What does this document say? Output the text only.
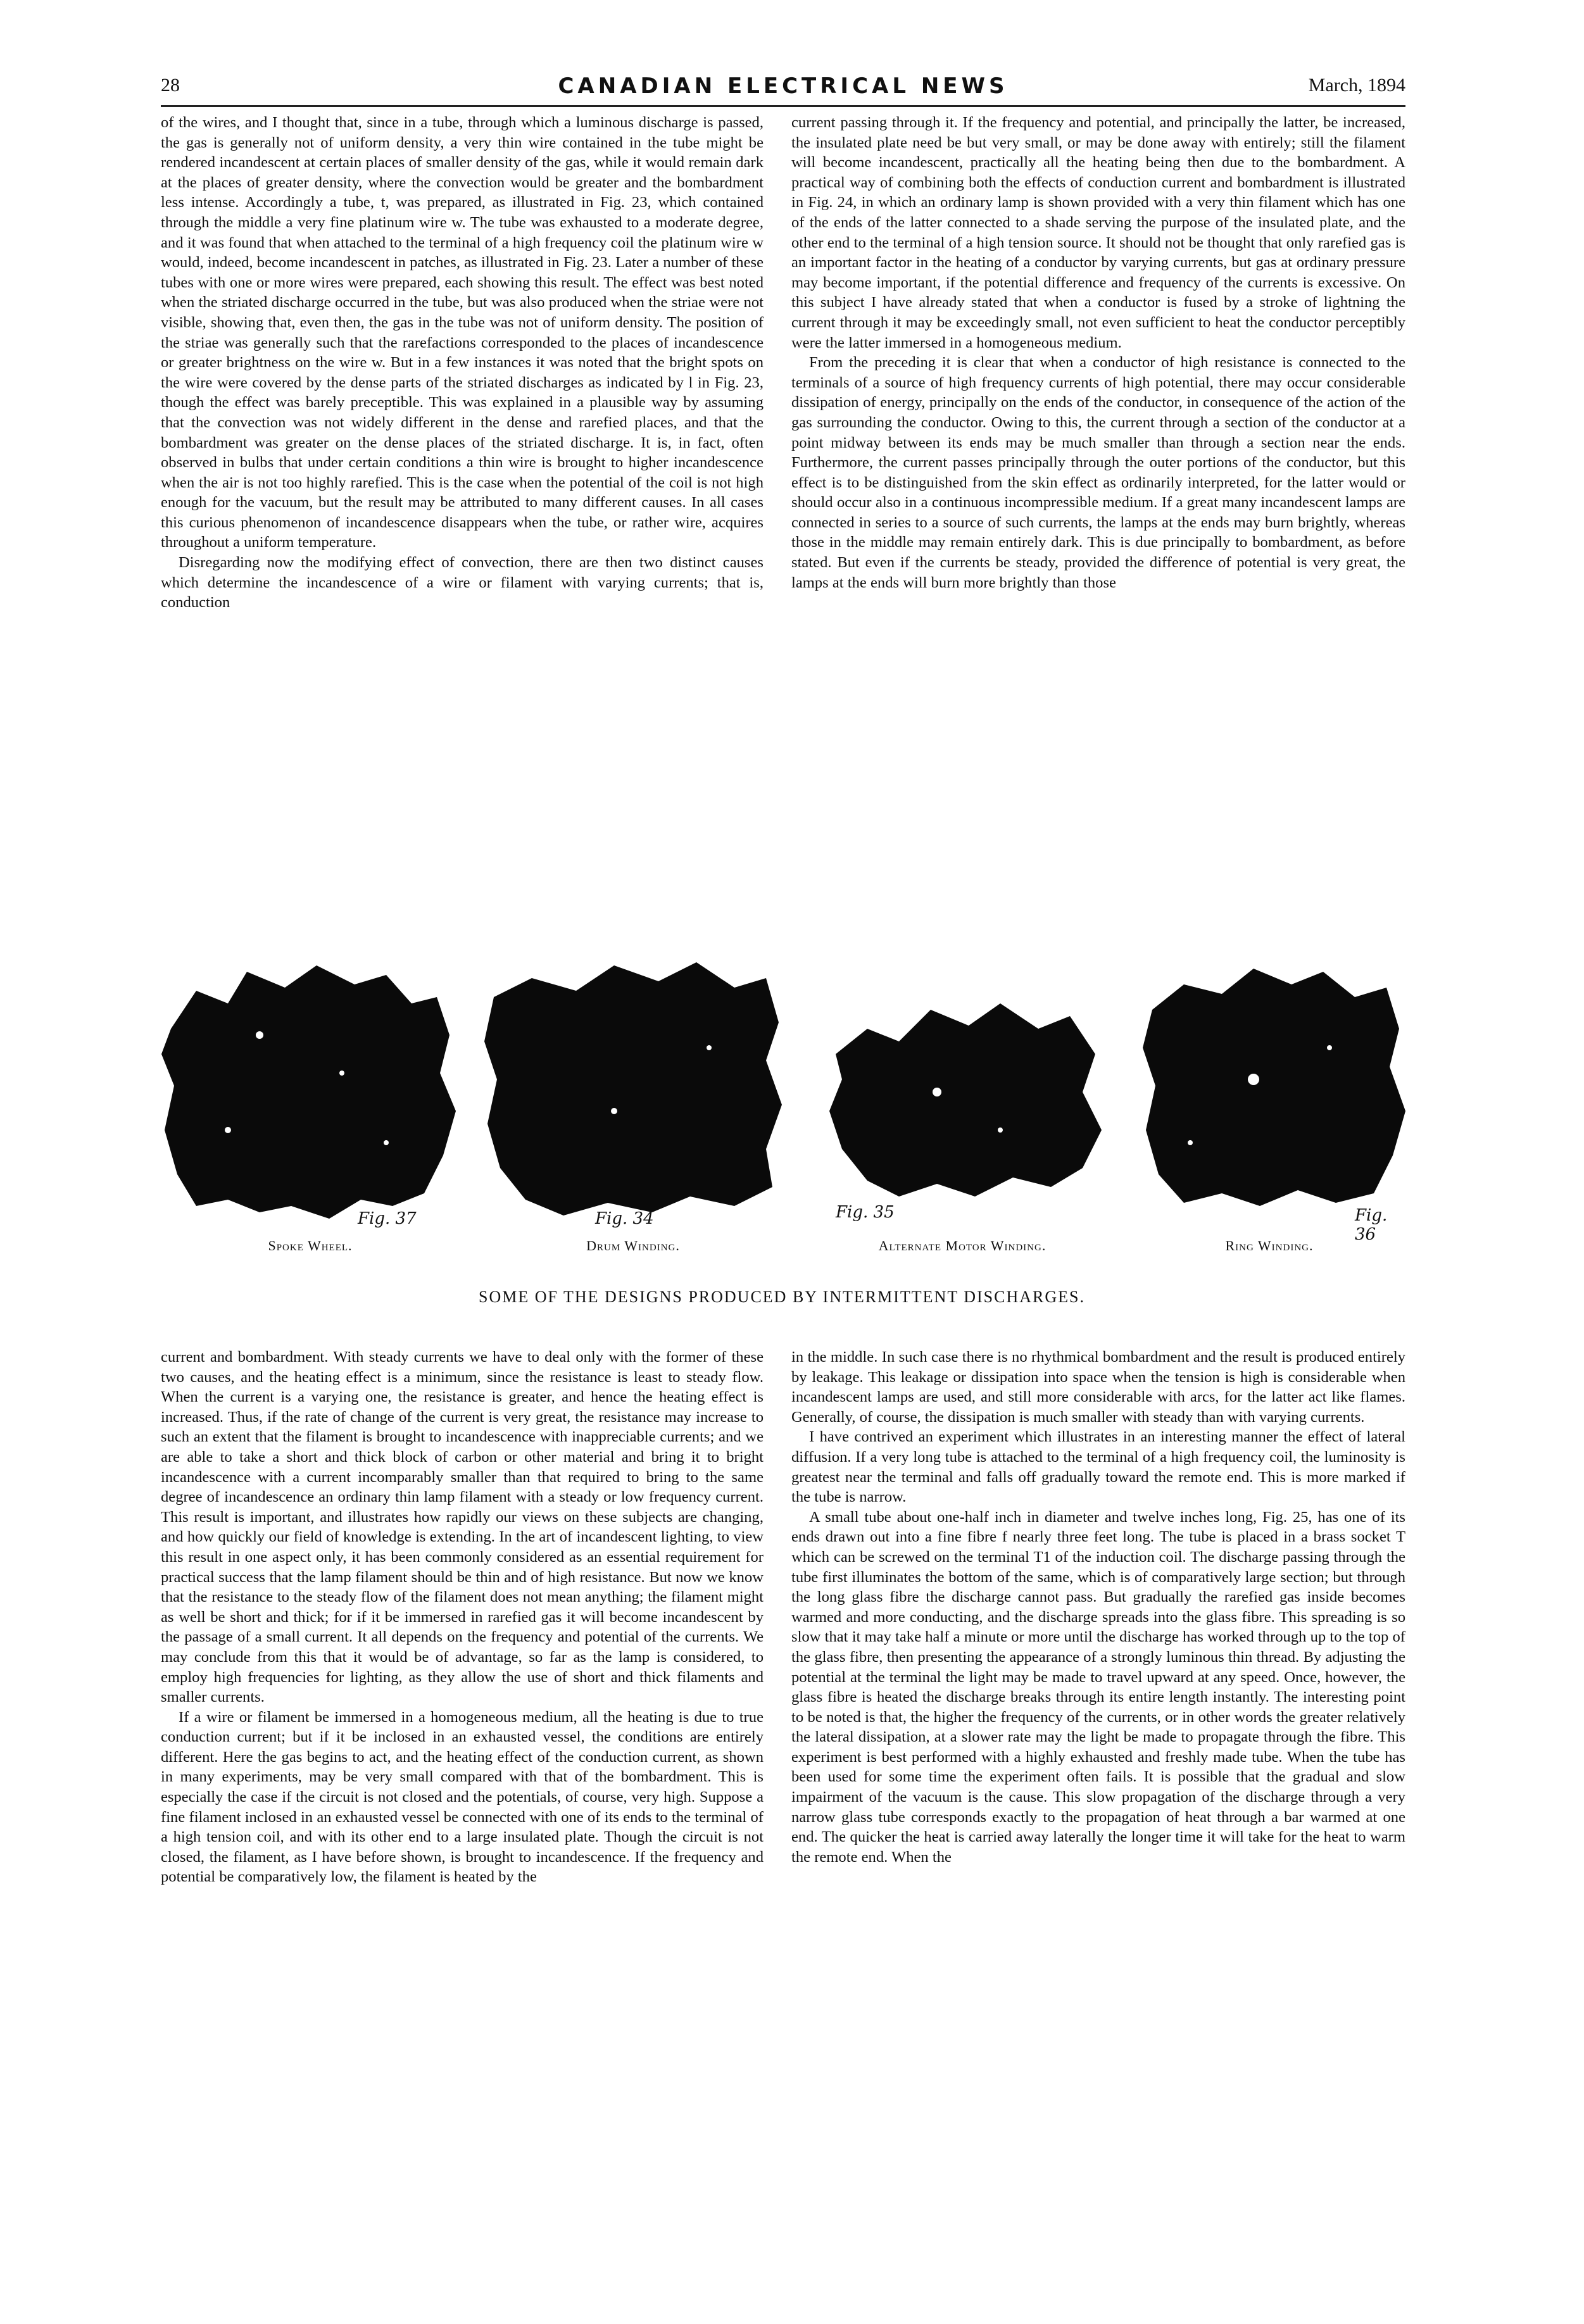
28	CANADIAN ELECTRICAL NEWS	March, 1894

of the wires, and I thought that, since in a tube, through which a luminous discharge is passed, the gas is generally not of uniform density, a very thin wire contained in the tube might be rendered incandescent at certain places of smaller density of the gas, while it would remain dark at the places of greater density, where the convection would be greater and the bombardment less intense. Accordingly a tube, t, was prepared, as illustrated in Fig. 23, which contained through the middle a very fine platinum wire w. The tube was exhausted to a moderate degree, and it was found that when attached to the terminal of a high frequency coil the platinum wire w would, indeed, become incandescent in patches, as illustrated in Fig. 23. Later a number of these tubes with one or more wires were prepared, each showing this result. The effect was best noted when the striated discharge occurred in the tube, but was also produced when the striae were not visible, showing that, even then, the gas in the tube was not of uniform density. The position of the striae was generally such that the rarefactions corresponded to the places of incandescence or greater brightness on the wire w. But in a few instances it was noted that the bright spots on the wire were covered by the dense parts of the striated discharges as indicated by l in Fig. 23, though the effect was barely preceptible. This was explained in a plausible way by assuming that the convection was not widely different in the dense and rarefied places, and that the bombardment was greater on the dense places of the striated discharge. It is, in fact, often observed in bulbs that under certain conditions a thin wire is brought to higher incandescence when the air is not too highly rarefied. This is the case when the potential of the coil is not high enough for the vacuum, but the result may be attributed to many different causes. In all cases this curious phenomenon of incandescence disappears when the tube, or rather wire, acquires throughout a uniform temperature.

Disregarding now the modifying effect of convection, there are then two distinct causes which determine the incandescence of a wire or filament with varying currents; that is, conduction

current passing through it. If the frequency and potential, and principally the latter, be increased, the insulated plate need be but very small, or may be done away with entirely; still the filament will become incandescent, practically all the heating being then due to the bombardment. A practical way of combining both the effects of conduction current and bombardment is illustrated in Fig. 24, in which an ordinary lamp is shown provided with a very thin filament which has one of the ends of the latter connected to a shade serving the purpose of the insulated plate, and the other end to the terminal of a high tension source. It should not be thought that only rarefied gas is an important factor in the heating of a conductor by varying currents, but gas at ordinary pressure may become important, if the potential difference and frequency of the currents is excessive. On this subject I have already stated that when a conductor is fused by a stroke of lightning the current through it may be exceedingly small, not even sufficient to heat the conductor perceptibly were the latter immersed in a homogeneous medium.

From the preceding it is clear that when a conductor of high resistance is connected to the terminals of a source of high frequency currents of high potential, there may occur considerable dissipation of energy, principally on the ends of the conductor, in consequence of the action of the gas surrounding the conductor. Owing to this, the current through a section of the conductor at a point midway between its ends may be much smaller than through a section near the ends. Furthermore, the current passes principally through the outer portions of the conductor, but this effect is to be distinguished from the skin effect as ordinarily interpreted, for the latter would or should occur also in a continuous incompressible medium. If a great many incandescent lamps are connected in series to a source of such currents, the lamps at the ends may burn brightly, whereas those in the middle may remain entirely dark. This is due principally to bombardment, as before stated. But even if the currents be steady, provided the difference of potential is very great, the lamps at the ends will burn more brightly than those

Fig. 37
Spoke Wheel.
Fig. 34
Drum Winding.
Fig. 35
Alternate Motor Winding.
Fig. 36
Ring Winding.
SOME OF THE DESIGNS PRODUCED BY INTERMITTENT DISCHARGES.

current and bombardment. With steady currents we have to deal only with the former of these two causes, and the heating effect is a minimum, since the resistance is least to steady flow. When the current is a varying one, the resistance is greater, and hence the heating effect is increased. Thus, if the rate of change of the current is very great, the resistance may increase to such an extent that the filament is brought to incandescence with inappreciable currents; and we are able to take a short and thick block of carbon or other material and bring it to bright incandescence with a current incomparably smaller than that required to bring to the same degree of incandescence an ordinary thin lamp filament with a steady or low frequency current. This result is important, and illustrates how rapidly our views on these subjects are changing, and how quickly our field of knowledge is extending. In the art of incandescent lighting, to view this result in one aspect only, it has been commonly considered as an essential requirement for practical success that the lamp filament should be thin and of high resistance. But now we know that the resistance to the steady flow of the filament does not mean anything; the filament might as well be short and thick; for if it be immersed in rarefied gas it will become incandescent by the passage of a small current. It all depends on the frequency and potential of the currents. We may conclude from this that it would be of advantage, so far as the lamp is considered, to employ high frequencies for lighting, as they allow the use of short and thick filaments and smaller currents.

If a wire or filament be immersed in a homogeneous medium, all the heating is due to true conduction current; but if it be inclosed in an exhausted vessel, the conditions are entirely different. Here the gas begins to act, and the heating effect of the conduction current, as shown in many experiments, may be very small compared with that of the bombardment. This is especially the case if the circuit is not closed and the potentials, of course, very high. Suppose a fine filament inclosed in an exhausted vessel be connected with one of its ends to the terminal of a high tension coil, and with its other end to a large insulated plate. Though the circuit is not closed, the filament, as I have before shown, is brought to incandescence. If the frequency and potential be comparatively low, the filament is heated by the

in the middle. In such case there is no rhythmical bombardment and the result is produced entirely by leakage. This leakage or dissipation into space when the tension is high is considerable when incandescent lamps are used, and still more considerable with arcs, for the latter act like flames. Generally, of course, the dissipation is much smaller with steady than with varying currents.

I have contrived an experiment which illustrates in an interesting manner the effect of lateral diffusion. If a very long tube is attached to the terminal of a high frequency coil, the luminosity is greatest near the terminal and falls off gradually toward the remote end. This is more marked if the tube is narrow.

A small tube about one-half inch in diameter and twelve inches long, Fig. 25, has one of its ends drawn out into a fine fibre f nearly three feet long. The tube is placed in a brass socket T which can be screwed on the terminal T1 of the induction coil. The discharge passing through the tube first illuminates the bottom of the same, which is of comparatively large section; but through the long glass fibre the discharge cannot pass. But gradually the rarefied gas inside becomes warmed and more conducting, and the discharge spreads into the glass fibre. This spreading is so slow that it may take half a minute or more until the discharge has worked through up to the top of the glass fibre, then presenting the appearance of a strongly luminous thin thread. By adjusting the potential at the terminal the light may be made to travel upward at any speed. Once, however, the glass fibre is heated the discharge breaks through its entire length instantly. The interesting point to be noted is that, the higher the frequency of the currents, or in other words the greater relatively the lateral dissipation, at a slower rate may the light be made to propagate through the fibre. This experiment is best performed with a highly exhausted and freshly made tube. When the tube has been used for some time the experiment often fails. It is possible that the gradual and slow impairment of the vacuum is the cause. This slow propagation of the discharge through a very narrow glass tube corresponds exactly to the propagation of heat through a bar warmed at one end. The quicker the heat is carried away laterally the longer time it will take for the heat to warm the remote end. When the
